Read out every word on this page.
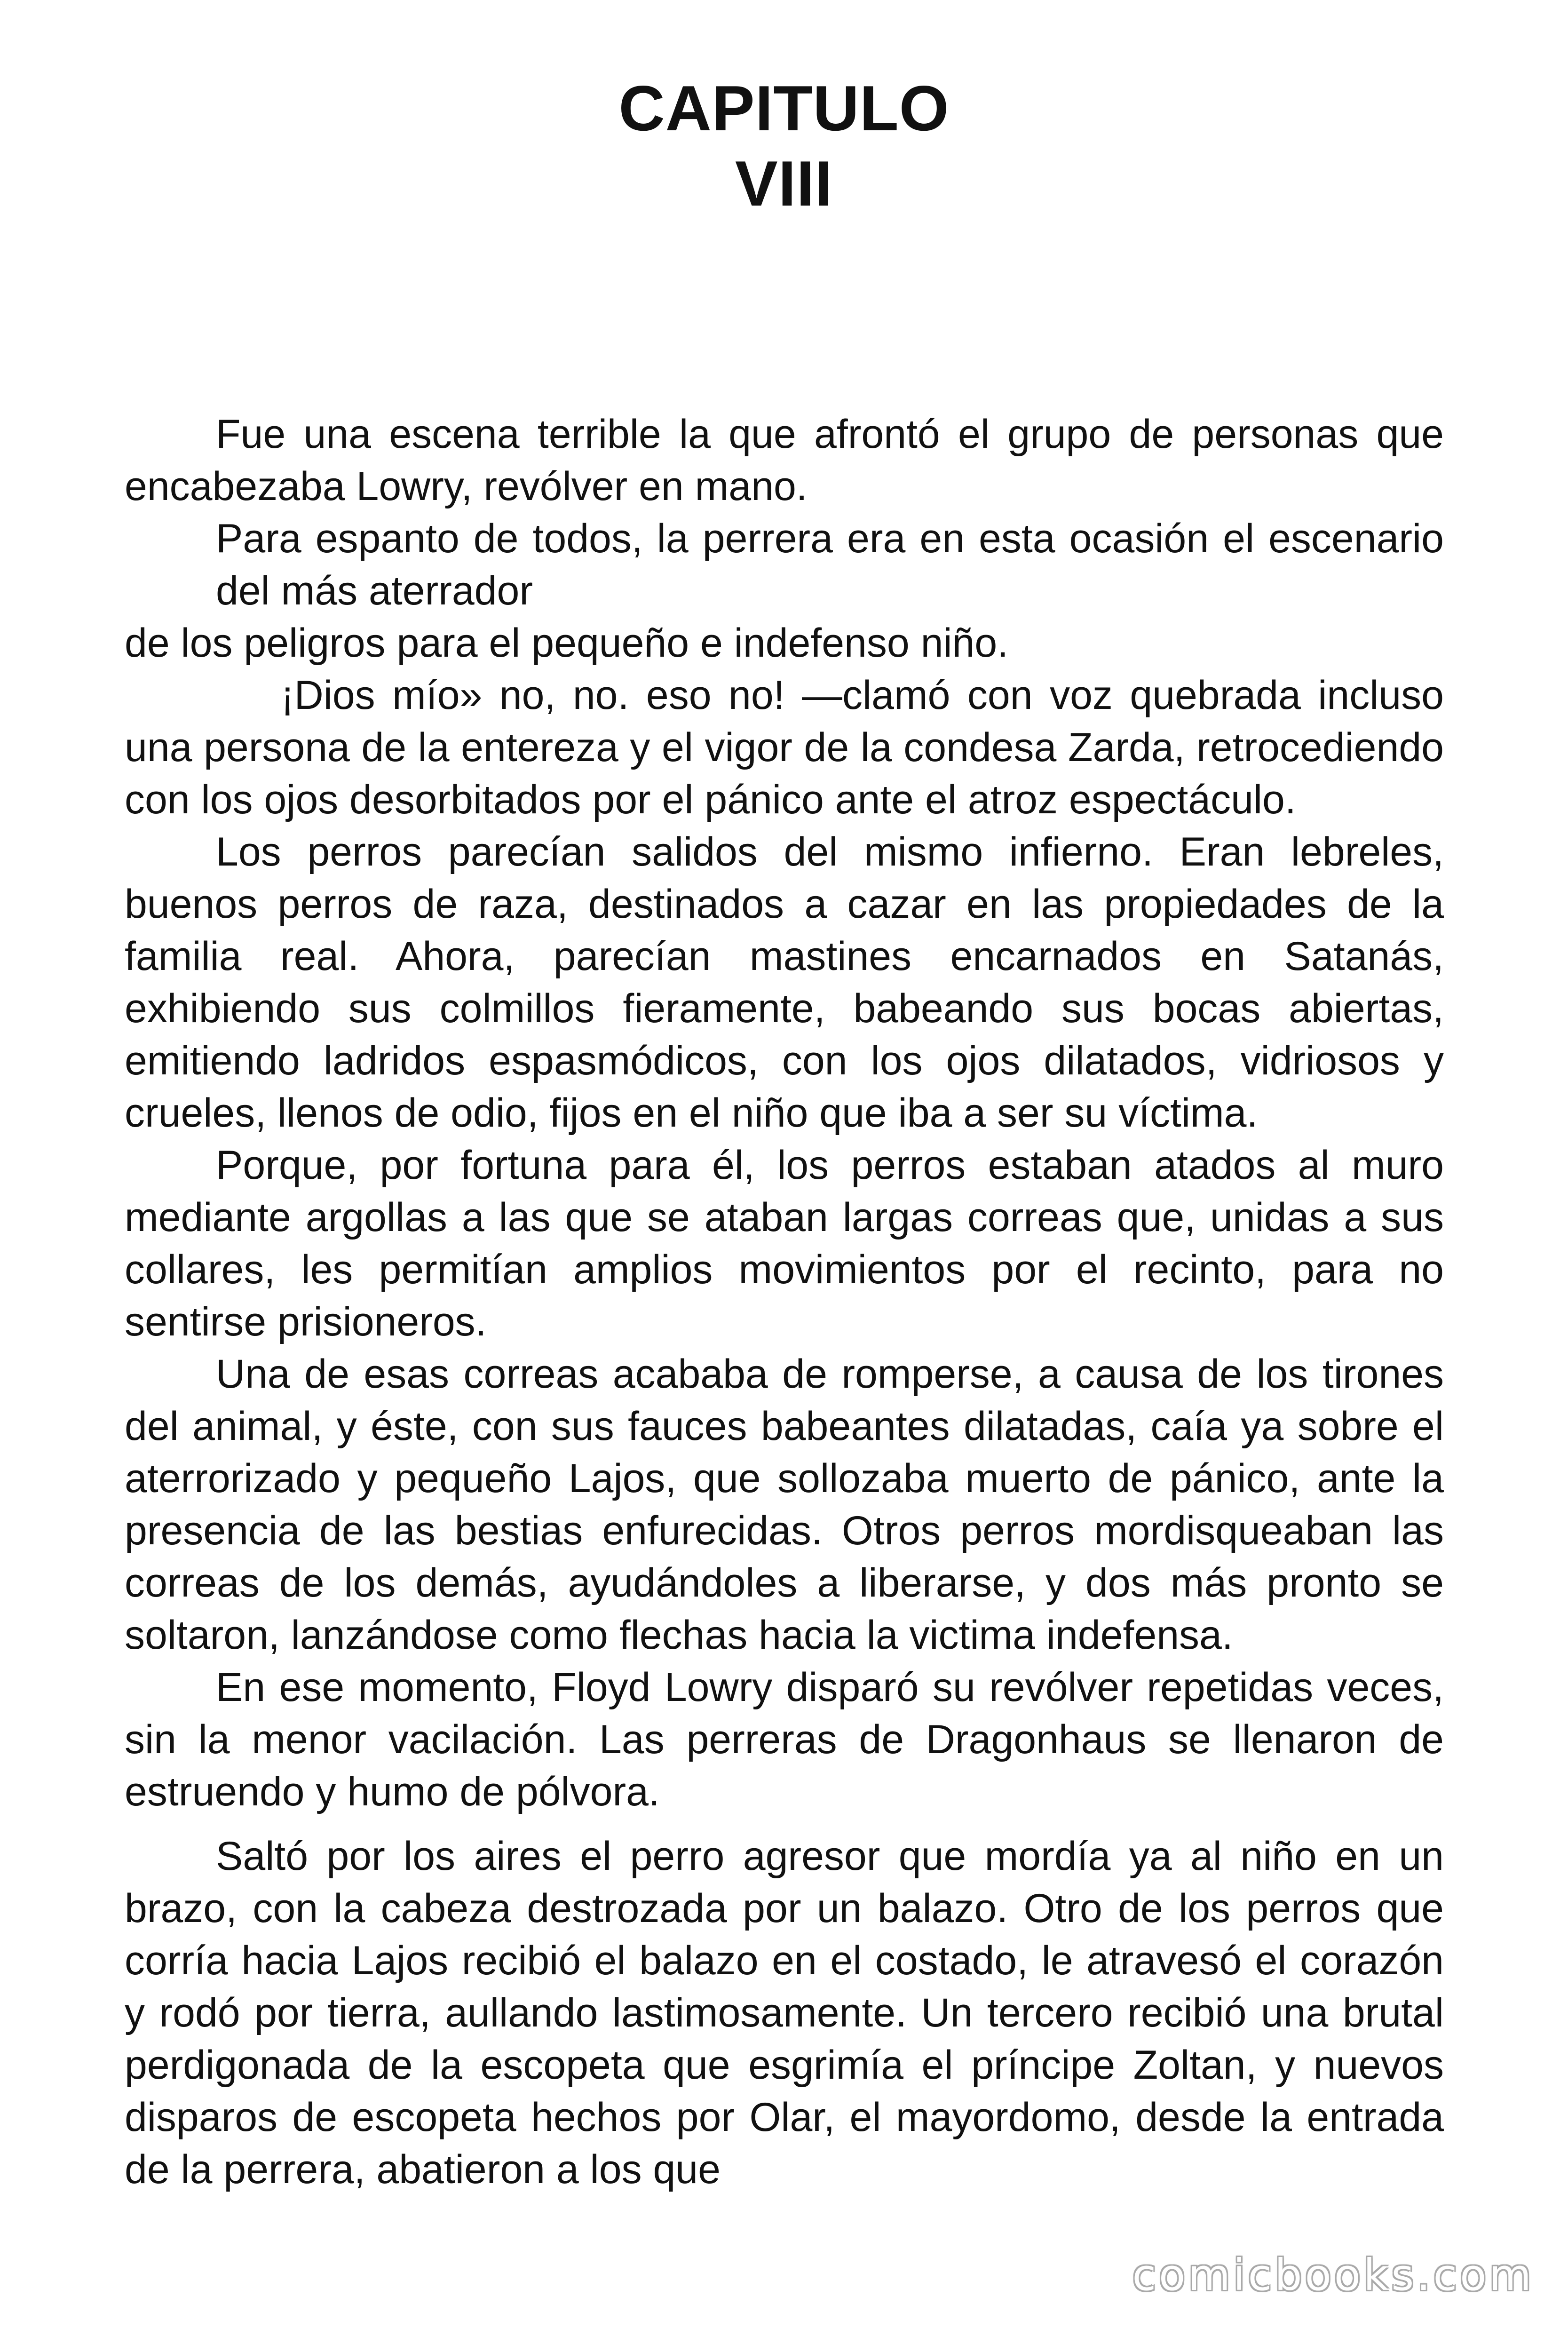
CAPITULO
VIII

Fue una escena terrible la que afrontó el grupo de personas que encabezaba Lowry, revólver en mano.

Para espanto de todos, la perrera era en esta ocasión el escenario del más aterrador

de los peligros para el pequeño e indefenso niño.

¡Dios mío» no, no. eso no! —clamó con voz quebrada incluso una persona de la entereza y el vigor de la condesa Zarda, retrocediendo con los ojos desorbitados por el pánico ante el atroz espectáculo.

Los perros parecían salidos del mismo infierno. Eran lebreles, buenos perros de raza, destinados a cazar en las propiedades de la familia real. Ahora, parecían mastines encarnados en Satanás, exhibiendo sus colmillos fieramente, babeando sus bocas abiertas, emitiendo ladridos espasmódicos, con los ojos dilatados, vidriosos y crueles, llenos de odio, fijos en el niño que iba a ser su víctima.

Porque, por fortuna para él, los perros estaban atados al muro mediante argollas a las que se ataban largas correas que, unidas a sus collares, les permitían amplios movimientos por el recinto, para no sentirse prisioneros.

Una de esas correas acababa de romperse, a causa de los tirones del animal, y éste, con sus fauces babeantes dilatadas, caía ya sobre el aterrorizado y pequeño Lajos, que sollozaba muerto de pánico, ante la presencia de las bestias enfurecidas. Otros perros mordisqueaban las correas de los demás, ayudándoles a liberarse, y dos más pronto se soltaron, lanzándose como flechas hacia la victima indefensa.

En ese momento, Floyd Lowry disparó su revólver repetidas veces, sin la menor vacilación. Las perreras de Dragonhaus se llenaron de estruendo y humo de pólvora.

Saltó por los aires el perro agresor que mordía ya al niño en un brazo, con la cabeza destrozada por un balazo. Otro de los perros que corría hacia Lajos recibió el balazo en el costado, le atravesó el corazón y rodó por tierra, aullando lastimosamente. Un tercero recibió una brutal perdigonada de la escopeta que esgrimía el príncipe Zoltan, y nuevos disparos de escopeta hechos por Olar, el mayordomo, desde la entrada de la perrera, abatieron a los que

comicbooks.com
